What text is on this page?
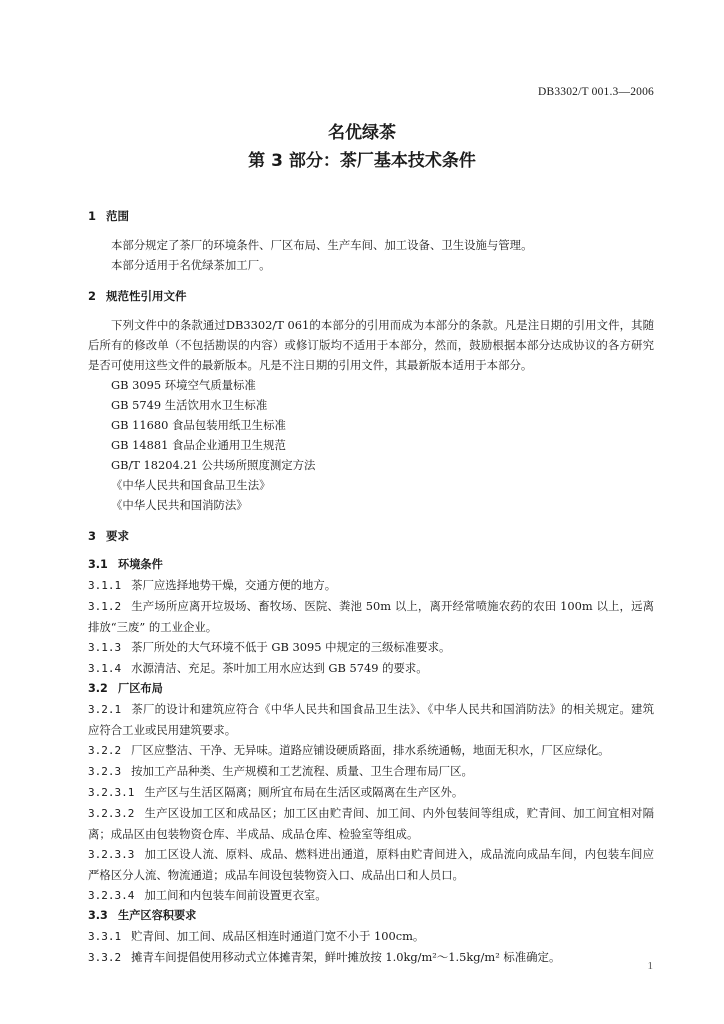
DB3302/T 001.3—2006
名优绿茶
第 3 部分：茶厂基本技术条件
1 范围

本部分规定了茶厂的环境条件、厂区布局、生产车间、加工设备、卫生设施与管理。

本部分适用于名优绿茶加工厂。

2 规范性引用文件

下列文件中的条款通过DB3302/T 061的本部分的引用而成为本部分的条款。凡是注日期的引用文件，其随后所有的修改单（不包括勘误的内容）或修订版均不适用于本部分，然而，鼓励根据本部分达成协议的各方研究是否可使用这些文件的最新版本。凡是不注日期的引用文件，其最新版本适用于本部分。

GB 3095 环境空气质量标准
GB 5749 生活饮用水卫生标准
GB 11680 食品包装用纸卫生标准
GB 14881 食品企业通用卫生规范
GB/T 18204.21 公共场所照度测定方法
《中华人民共和国食品卫生法》
《中华人民共和国消防法》
3 要求
3.1 环境条件
3.1.1 茶厂应选择地势干燥，交通方便的地方。
3.1.2 生产场所应离开垃圾场、畜牧场、医院、粪池 50m 以上，离开经常喷施农药的农田 100m 以上，远离排放“三废” 的工业企业。
3.1.3 茶厂所处的大气环境不低于 GB 3095 中规定的三级标准要求。
3.1.4 水源清洁、充足。茶叶加工用水应达到 GB 5749 的要求。
3.2 厂区布局
3.2.1 茶厂的设计和建筑应符合《中华人民共和国食品卫生法》、《中华人民共和国消防法》的相关规定。建筑应符合工业或民用建筑要求。
3.2.2 厂区应整洁、干净、无异味。道路应铺设硬质路面，排水系统通畅，地面无积水，厂区应绿化。
3.2.3 按加工产品种类、生产规模和工艺流程、质量、卫生合理布局厂区。
3.2.3.1 生产区与生活区隔离；厕所宜布局在生活区或隔离在生产区外。
3.2.3.2 生产区设加工区和成品区；加工区由贮青间、加工间、内外包装间等组成，贮青间、加工间宜相对隔离；成品区由包装物资仓库、半成品、成品仓库、检验室等组成。
3.2.3.3 加工区设人流、原料、成品、燃料进出通道，原料由贮青间进入，成品流向成品车间，内包装车间应严格区分人流、物流通道；成品车间设包装物资入口、成品出口和人员口。
3.2.3.4 加工间和内包装车间前设置更衣室。
3.3 生产区容积要求
3.3.1 贮青间、加工间、成品区相连时通道门宽不小于 100cm。
3.3.2 摊青车间提倡使用移动式立体摊青架，鲜叶摊放按 1.0kg/m²～1.5kg/m² 标准确定。
1
